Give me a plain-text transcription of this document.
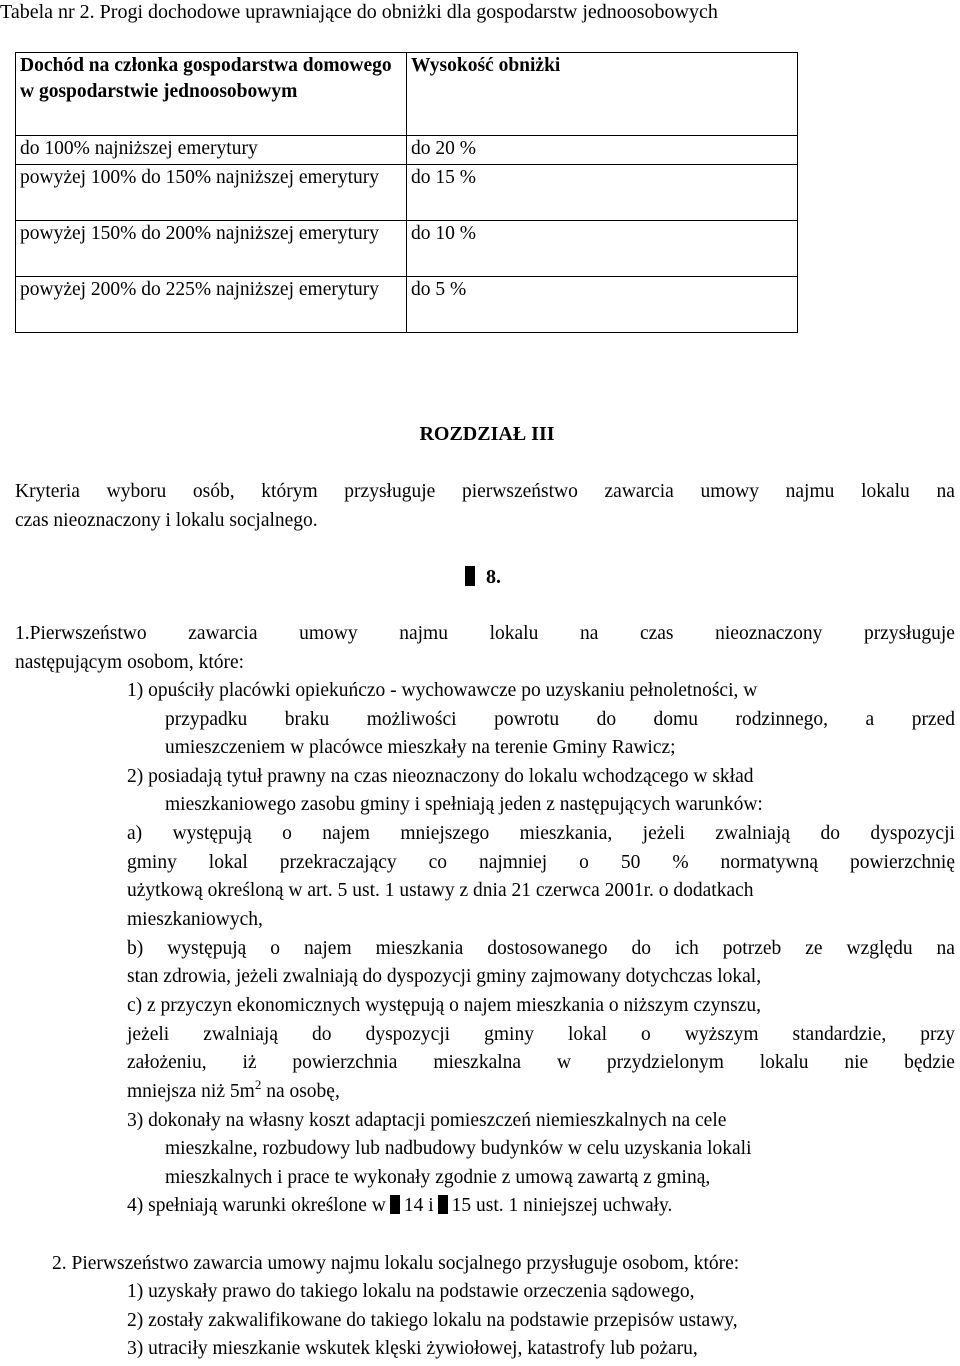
Tabela nr 2. Progi dochodowe uprawniające do obniżki dla gospodarstw jednoosobowych
Dochód na członka gospodarstwa domowego w gospodarstwie jednoosobowym	Wysokość obniżki
do 100% najniższej emerytury	do 20 %
powyżej 100% do 150% najniższej emerytury	do 15 %
powyżej 150% do 200% najniższej emerytury	do 10 %
powyżej 200% do 225% najniższej emerytury	do 5 %
ROZDZIAŁ III
Kryteria wyboru osób, którym przysługuje pierwszeństwo zawarcia umowy najmu lokalu na
czas nieoznaczony i lokalu socjalnego.
8.
1.Pierwszeństwo zawarcia umowy najmu lokalu na czas nieoznaczony przysługuje
następującym osobom, które:
1) opuściły placówki opiekuńczo - wychowawcze po uzyskaniu pełnoletności, w
przypadku braku możliwości powrotu do domu rodzinnego, a przed
umieszczeniem w placówce mieszkały na terenie Gminy Rawicz;
2) posiadają tytuł prawny na czas nieoznaczony do lokalu wchodzącego w skład
mieszkaniowego zasobu gminy i spełniają jeden z następujących warunków:
a) występują o najem mniejszego mieszkania, jeżeli zwalniają do dyspozycji
gminy lokal przekraczający co najmniej o 50 % normatywną powierzchnię
użytkową określoną w art. 5 ust. 1 ustawy z dnia 21 czerwca 2001r. o dodatkach
mieszkaniowych,
b) występują o najem mieszkania dostosowanego do ich potrzeb ze względu na
stan zdrowia, jeżeli zwalniają do dyspozycji gminy zajmowany dotychczas lokal,
c) z przyczyn ekonomicznych występują o najem mieszkania o niższym czynszu,
jeżeli zwalniają do dyspozycji gminy lokal o wyższym standardzie, przy
założeniu, iż powierzchnia mieszkalna w przydzielonym lokalu nie będzie
mniejsza niż $5m^2$ na osobę,
3) dokonały na własny koszt adaptacji pomieszczeń niemieszkalnych na cele
mieszkalne, rozbudowy lub nadbudowy budynków w celu uzyskania lokali
mieszkalnych i prace te wykonały zgodnie z umową zawartą z gminą,
4) spełniają warunki określone w 14 i 15 ust. 1 niniejszej uchwały.
2. Pierwszeństwo zawarcia umowy najmu lokalu socjalnego przysługuje osobom, które:
1) uzyskały prawo do takiego lokalu na podstawie orzeczenia sądowego,
2) zostały zakwalifikowane do takiego lokalu na podstawie przepisów ustawy,
3) utraciły mieszkanie wskutek klęski żywiołowej, katastrofy lub pożaru,
